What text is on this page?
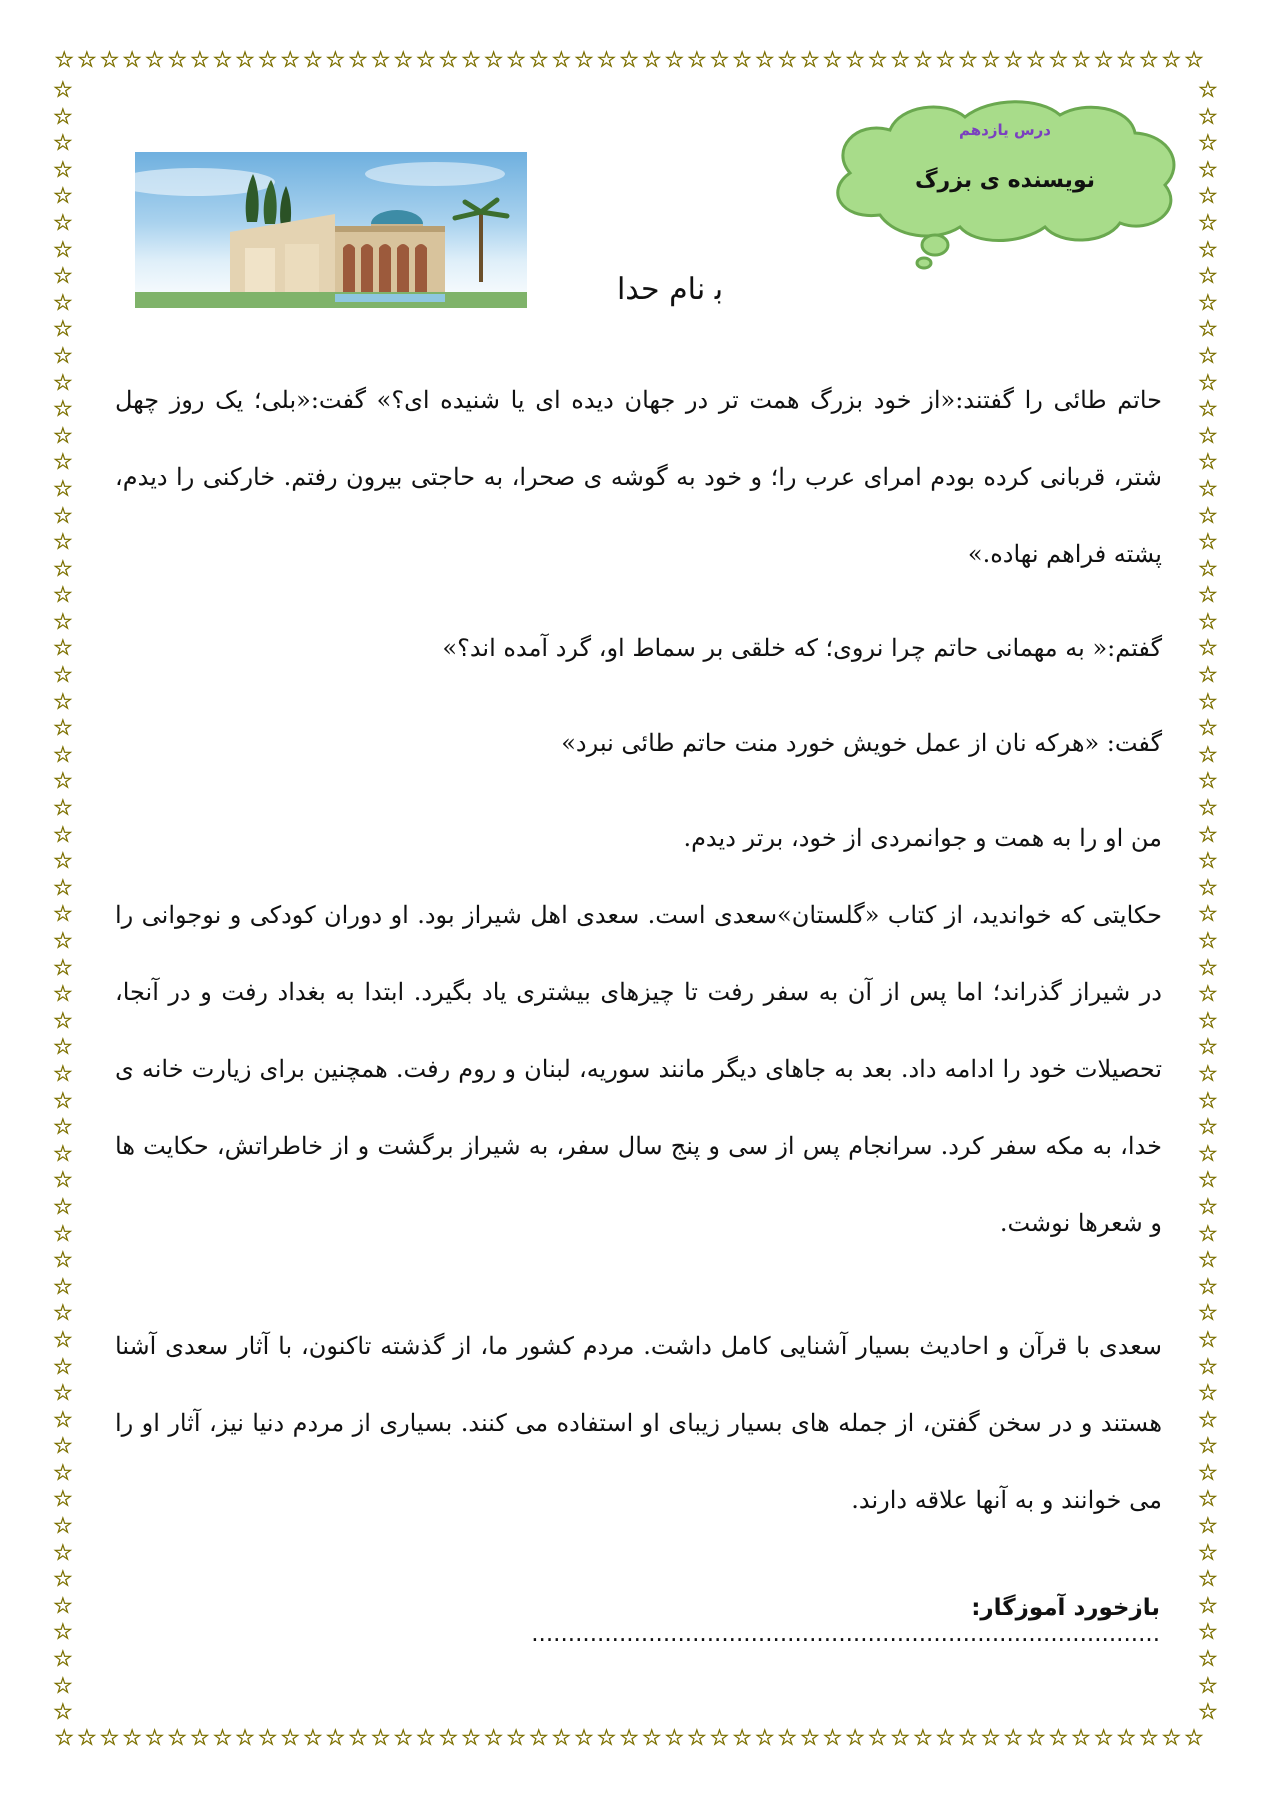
☆ ☆ ☆ ☆ ☆ ☆ ☆ ☆ ☆ ☆ ☆ ☆ ☆ ☆ ☆ ☆ ☆ ☆ ☆ ☆ ☆ ☆ ☆ ☆ ☆ ☆ ☆ ☆ ☆ ☆ ☆ ☆ ☆ ☆ ☆ ☆ ☆ ☆ ☆ ☆ ☆ ☆ ☆ ☆ ☆ ☆ ☆ ☆ ☆ ☆ ☆
☆ ☆ ☆ ☆ ☆ ☆ ☆ ☆ ☆ ☆ ☆ ☆ ☆ ☆ ☆ ☆ ☆ ☆ ☆ ☆ ☆ ☆ ☆ ☆ ☆ ☆ ☆ ☆ ☆ ☆ ☆ ☆ ☆ ☆ ☆ ☆ ☆ ☆ ☆ ☆ ☆ ☆ ☆ ☆ ☆ ☆ ☆ ☆ ☆ ☆ ☆
☆
☆
☆
☆
☆
☆
☆
☆
☆
☆
☆
☆
☆
☆
☆
☆
☆
☆
☆
☆
☆
☆
☆
☆
☆
☆
☆
☆
☆
☆
☆
☆
☆
☆
☆
☆
☆
☆
☆
☆
☆
☆
☆
☆
☆
☆
☆
☆
☆
☆
☆
☆
☆
☆
☆
☆
☆
☆
☆
☆
☆
☆
☆
☆
☆
☆
☆
☆
☆
☆
☆
☆
☆
☆
☆
☆
☆
☆
☆
☆
☆
☆
☆
☆
☆
☆
☆
☆
☆
☆
☆
☆
☆
☆
☆
☆
☆
☆
☆
☆
☆
☆
☆
☆
☆
☆
☆
☆
☆
☆
☆
☆
☆
☆
☆
☆
☆
☆
☆
☆
☆
☆
☆
☆
درس یازدهم
نویسنده ی بزرگ
ﺑ ﻧﺎم ﺣﺪا
حاتم طائی را گفتند:«از خود بزرگ همت تر در جهان دیده ای یا شنیده ای؟» گفت:«بلی؛ یک روز چهل شتر، قربانی کرده بودم امرای عرب را؛ و خود به گوشه ی صحرا، به حاجتی بیرون رفتم. خارکنی را دیدم، پشته فراهم نهاده.»
گفتم:« به مهمانی حاتم چرا نروی؛ که خلقی بر سماط او، گرد آمده اند؟»
گفت: «هرکه نان از عمل خویش خورد منت حاتم طائی نبرد»
من او را به همت و جوانمردی از خود، برتر دیدم.
حکایتی که خواندید، از کتاب «گلستان»سعدی است. سعدی اهل شیراز بود. او دوران کودکی و نوجوانی را در شیراز گذراند؛ اما پس از آن به سفر رفت تا چیزهای بیشتری یاد بگیرد. ابتدا به بغداد رفت و در آنجا، تحصیلات خود را ادامه داد. بعد به جاهای دیگر مانند سوریه، لبنان و روم رفت. همچنین برای زیارت خانه ی خدا، به مکه سفر کرد. سرانجام پس از سی و پنج سال سفر، به شیراز برگشت و از خاطراتش، حکایت ها و شعرها نوشت.
سعدی با قرآن و احادیث بسیار آشنایی کامل داشت. مردم کشور ما، از گذشته تاکنون، با آثار سعدی آشنا هستند و در سخن گفتن، از جمله های بسیار زیبای او استفاده می کنند. بسیاری از مردم دنیا نیز، آثار او را می خوانند و به آنها علاقه دارند.
بازخورد آموزگار: ......................................................................................
